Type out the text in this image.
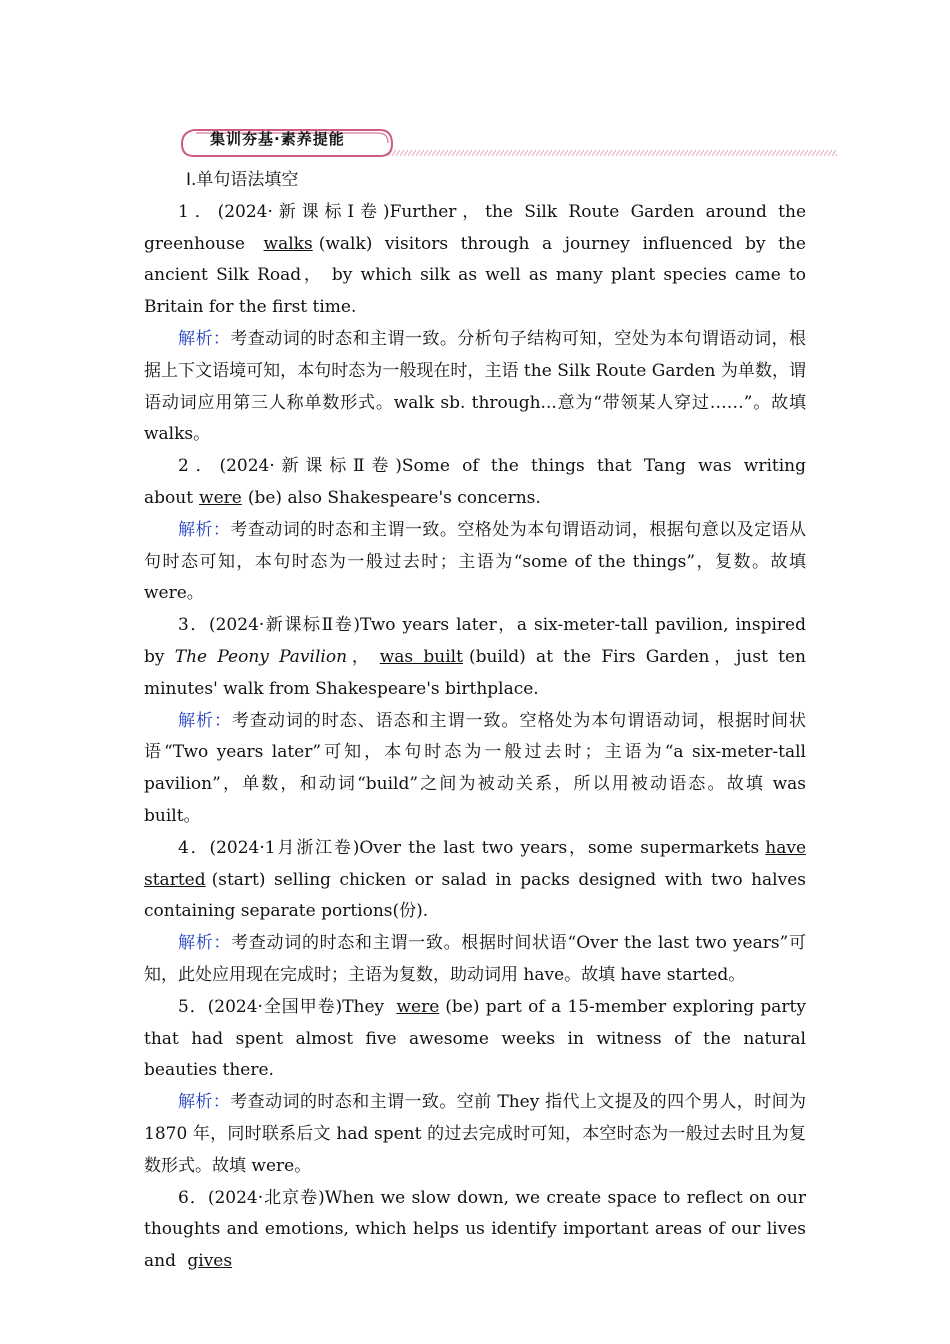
集训夯基·素养提能

Ⅰ.单句语法填空

1．(2024·新课标Ⅰ卷)Further，the Silk Route Garden around the greenhouse walks (walk) visitors through a journey influenced by the ancient Silk Road， by which silk as well as many plant species came to Britain for the first time.

解析：考查动词的时态和主谓一致。分析句子结构可知，空处为本句谓语动词，根据上下文语境可知，本句时态为一般现在时，主语 the Silk Route Garden 为单数，谓语动词应用第三人称单数形式。walk sb. through...意为“带领某人穿过……”。故填 walks。

2．(2024·新课标Ⅱ卷)Some of the things that Tang was writing about were (be) also Shakespeare's concerns.

解析：考查动词的时态和主谓一致。空格处为本句谓语动词，根据句意以及定语从句时态可知，本句时态为一般过去时；主语为“some of the things”，复数。故填 were。

3．(2024·新课标Ⅱ卷)Two years later，a six-meter-tall pavilion, inspired by The Peony Pavilion， was built (build) at the Firs Garden，just ten minutes' walk from Shakespeare's birthplace.

解析：考查动词的时态、语态和主谓一致。空格处为本句谓语动词，根据时间状语“Two years later”可知，本句时态为一般过去时；主语为“a six-meter-tall pavilion”，单数，和动词“build”之间为被动关系，所以用被动语态。故填 was built。

4．(2024·1月浙江卷)Over the last two years，some supermarkets have started (start) selling chicken or salad in packs designed with two halves containing separate portions(份).

解析：考查动词的时态和主谓一致。根据时间状语“Over the last two years”可知，此处应用现在完成时；主语为复数，助动词用 have。故填 have started。

5．(2024·全国甲卷)They were (be) part of a 15-member exploring party that had spent almost five awesome weeks in witness of the natural beauties there.

解析：考查动词的时态和主谓一致。空前 They 指代上文提及的四个男人，时间为 1870 年，同时联系后文 had spent 的过去完成时可知，本空时态为一般过去时且为复数形式。故填 were。

6．(2024·北京卷)When we slow down, we create space to reflect on our thoughts and emotions, which helps us identify important areas of our lives and gives
